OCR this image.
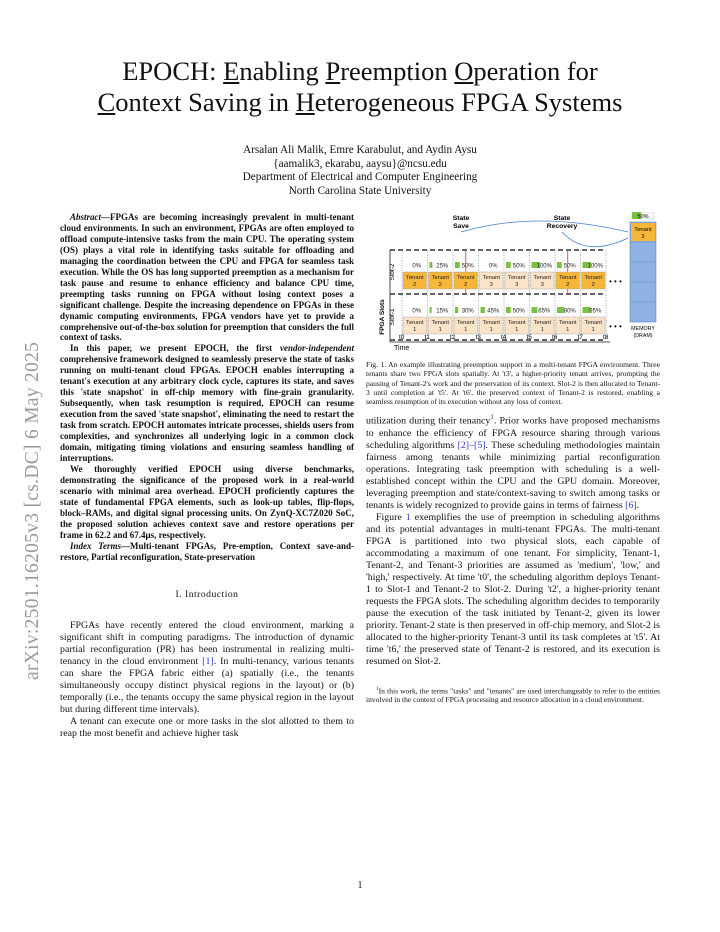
arXiv:2501.16205v3 [cs.DC] 6 May 2025
EPOCH: Enabling Preemption Operation for
Context Saving in Heterogeneous FPGA Systems
Arsalan Ali Malik, Emre Karabulut, and Aydin Aysu
{aamalik3, ekarabu, aaysu}@ncsu.edu
Department of Electrical and Computer Engineering
North Carolina State University

Abstract—FPGAs are becoming increasingly prevalent in multi-tenant cloud environments. In such an environment, FPGAs are often employed to offload compute-intensive tasks from the main CPU. The operating system (OS) plays a vital role in identifying tasks suitable for offloading and managing the coordination between the CPU and FPGA for seamless task execution. While the OS has long supported preemption as a mechanism for task pause and resume to enhance efficiency and balance CPU time, preempting tasks running on FPGA without losing context poses a significant challenge. Despite the increasing dependence on FPGAs in these dynamic computing environments, FPGA vendors have yet to provide a comprehensive out-of-the-box solution for preemption that considers the full context of tasks.

In this paper, we present EPOCH, the first vendor-independent comprehensive framework designed to seamlessly preserve the state of tasks running on multi-tenant cloud FPGAs. EPOCH enables interrupting a tenant's execution at any arbitrary clock cycle, captures its state, and saves this 'state snapshot' in off-chip memory with fine-grain granularity. Subsequently, when task resumption is required, EPOCH can resume execution from the saved 'state snapshot', eliminating the need to restart the task from scratch. EPOCH automates intricate processes, shields users from complexities, and synchronizes all underlying logic in a common clock domain, mitigating timing violations and ensuring seamless handling of interruptions.

We thoroughly verified EPOCH using diverse benchmarks, demonstrating the significance of the proposed work in a real-world scenario with minimal area overhead. EPOCH proficiently captures the state of fundamental FPGA elements, such as look-up tables, flip-flops, block–RAMs, and digital signal processing units. On ZynQ-XC7Z020 SoC, the proposed solution achieves context save and restore operations per frame in 62.2 and 67.4μs, respectively.

Index Terms—Multi-tenant FPGAs, Pre-emption, Context save-and-restore, Partial reconfiguration, State-preservation

I. Introduction

FPGAs have recently entered the cloud environment, marking a significant shift in computing paradigms. The introduction of dynamic partial reconfiguration (PR) has been instrumental in realizing multi-tenancy in the cloud environment [1]. In multi-tenancy, various tenants can share the FPGA fabric either (a) spatially (i.e., the tenants simultaneously occupy distinct physical regions in the layout) or (b) temporally (i.e., the tenants occupy the same physical region in the layout but during different time intervals).

A tenant can execute one or more tasks in the slot allotted to them to reap the most benefit and achieve higher task

0%
Tenant
2
25%
Tenant
2
50%
Tenant
2
0%
Tenant
3
50%
Tenant
3
100%
Tenant
3
50%
Tenant
2
100%
Tenant
2
0%
Tenant
1
15%
Tenant
1
30%
Tenant
1
45%
Tenant
1
50%
Tenant
1
65%
Tenant
1
80%
Tenant
1
95%
Tenant
1
• • •
• • •
Slot-2
Slot-1
FPGA Slots
t0	t1	t2	t3	t4	t5	t6	t7	t8
Time
State
Save
State
Recovery
50%
Tenant
2
MEMORY
(DRAM)
Fig. 1. An example illustrating preemption support in a multi-tenant FPGA environment. Three tenants share two FPGA slots spatially. At 't3', a higher-priority tenant arrives, prompting the pausing of Tenant-2's work and the preservation of its context. Slot-2 is then allocated to Tenant-3 until completion at 't5'. At 't6', the preserved context of Tenant-2 is restored, enabling a seamless resumption of its execution without any loss of context.

utilization during their tenancy$^1$. Prior works have proposed mechanisms to enhance the efficiency of FPGA resource sharing through various scheduling algorithms [2]–[5]. These scheduling methodologies maintain fairness among tenants while minimizing partial reconfiguration operations. Integrating task preemption with scheduling is a well-established concept within the CPU and the GPU domain. Moreover, leveraging preemption and state/context-saving to switch among tasks or tenants is widely recognized to provide gains in terms of fairness [6].

Figure 1 exemplifies the use of preemption in scheduling algorithms and its potential advantages in multi-tenant FPGAs. The multi-tenant FPGA is partitioned into two physical slots, each capable of accommodating a maximum of one tenant. For simplicity, Tenant-1, Tenant-2, and Tenant-3 priorities are assumed as 'medium', 'low,' and 'high,' respectively. At time 't0', the scheduling algorithm deploys Tenant-1 to Slot-1 and Tenant-2 to Slot-2. During 't2', a higher-priority tenant requests the FPGA slots. The scheduling algorithm decides to temporarily pause the execution of the task initiated by Tenant-2, given its lower priority. Tenant-2 state is then preserved in off-chip memory, and Slot-2 is allocated to the higher-priority Tenant-3 until its task completes at 't5'. At time 't6,' the preserved state of Tenant-2 is restored, and its execution is resumed on Slot-2.

$^1$In this work, the terms "tasks" and "tenants" are used interchangeably to refer to the entities involved in the context of FPGA processing and resource allocation in a cloud environment.

1
